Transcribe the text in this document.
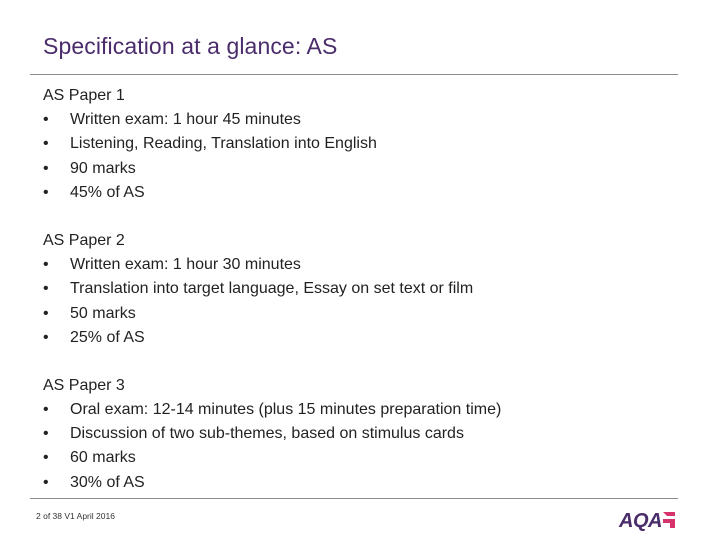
Specification at a glance: AS
AS Paper 1
•	Written exam: 1 hour 45 minutes
•	Listening, Reading, Translation into English
•	90 marks
•	45% of AS
AS Paper 2
•	Written exam: 1 hour 30 minutes
•	Translation into target language, Essay on set text or film
•	50 marks
•	25% of AS
AS Paper 3
•	Oral exam: 12-14 minutes (plus 15 minutes preparation time)
•	Discussion of two sub-themes, based on stimulus cards
•	60 marks
•	30% of AS
2 of 38 V1 April 2016	AQA
